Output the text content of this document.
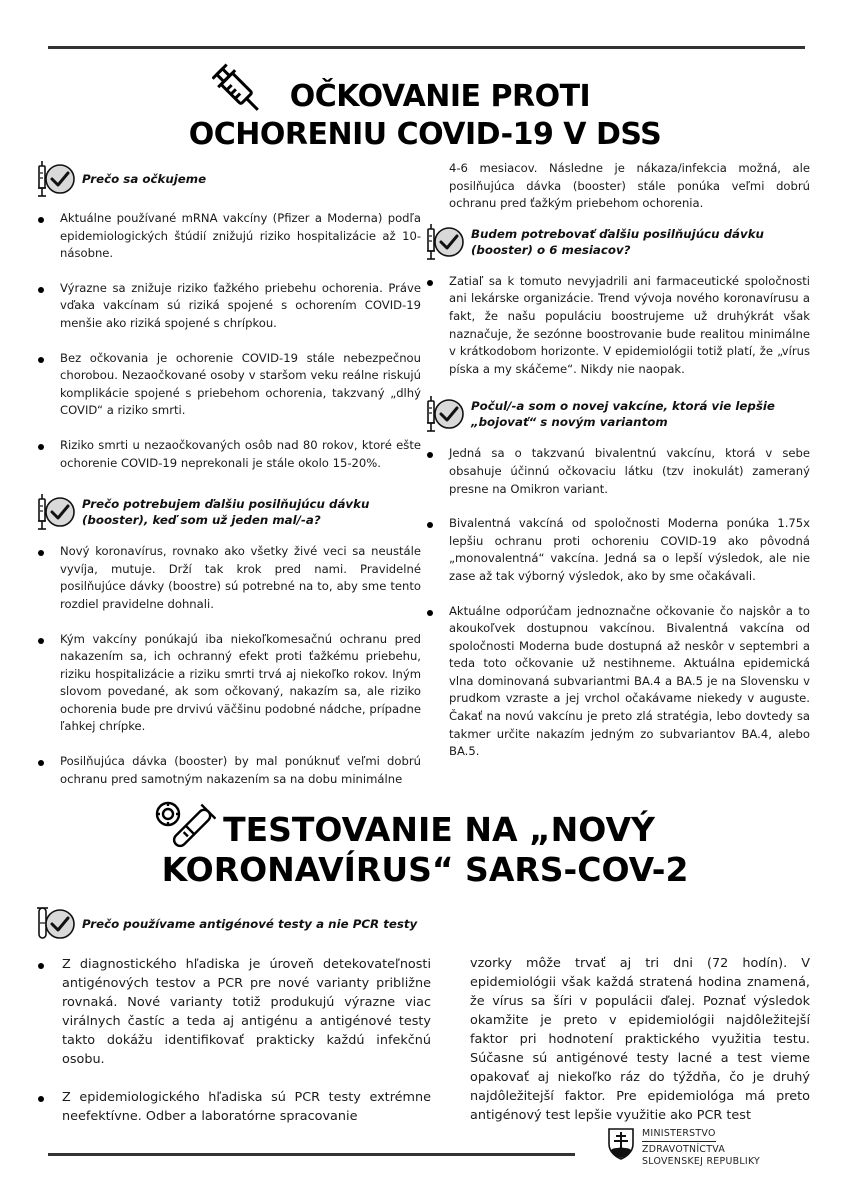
OČKOVANIE PROTI
OCHORENIU COVID-19 V DSS
Prečo sa očkujeme
Aktuálne používané mRNA vakcíny (Pfizer a Moderna) podľa epidemiologických štúdií znižujú riziko hospitalizácie až 10-násobne.
Výrazne sa znižuje riziko ťažkého priebehu ochorenia. Práve vďaka vakcínam sú riziká spojené s ochorením COVID-19 menšie ako riziká spojené s chrípkou.
Bez očkovania je ochorenie COVID-19 stále nebezpečnou chorobou. Nezaočkované osoby v staršom veku reálne riskujú komplikácie spojené s priebehom ochorenia, takzvaný „dlhý COVID“ a riziko smrti.
Riziko smrti u nezaočkovaných osôb nad 80 rokov, ktoré ešte ochorenie COVID-19 neprekonali je stále okolo 15-20%.
Prečo potrebujem ďalšiu posilňujúcu dávku (booster), keď som už jeden mal/-a?
Nový koronavírus, rovnako ako všetky živé veci sa neustále vyvíja, mutuje. Drží tak krok pred nami. Pravidelné posilňujúce dávky (boostre) sú potrebné na to, aby sme tento rozdiel pravidelne dohnali.
Kým vakcíny ponúkajú iba niekoľkomesačnú ochranu pred nakazením sa, ich ochranný efekt proti ťažkému priebehu, riziku hospitalizácie a riziku smrti trvá aj niekoľko rokov. Iným slovom povedané, ak som očkovaný, nakazím sa, ale riziko ochorenia bude pre drvivú väčšinu podobné nádche, prípadne ľahkej chrípke.
Posilňujúca dávka (booster) by mal ponúknuť veľmi dobrú ochranu pred samotným nakazením sa na dobu minimálne
4-6 mesiacov. Následne je nákaza/infekcia možná, ale posilňujúca dávka (booster) stále ponúka veľmi dobrú ochranu pred ťažkým priebehom ochorenia.
Budem potrebovať ďalšiu posilňujúcu dávku (booster) o 6 mesiacov?
Zatiaľ sa k tomuto nevyjadrili ani farmaceutické spoločnosti ani lekárske organizácie. Trend vývoja nového koronavírusu a fakt, že našu populáciu boostrujeme už druhýkrát však naznačuje, že sezónne boostrovanie bude realitou minimálne v krátkodobom horizonte. V epidemiológii totiž platí, že „vírus píska a my skáčeme“. Nikdy nie naopak.
Počul/-a som o novej vakcíne, ktorá vie lepšie „bojovať“ s novým variantom
Jedná sa o takzvanú bivalentnú vakcínu, ktorá v sebe obsahuje účinnú očkovaciu látku (tzv inokulát) zameraný presne na Omikron variant.
Bivalentná vakcíná od spoločnosti Moderna ponúka 1.75x lepšiu ochranu proti ochoreniu COVID-19 ako pôvodná „monovalentná“ vakcína. Jedná sa o lepší výsledok, ale nie zase až tak výborný výsledok, ako by sme očakávali.
Aktuálne odporúčam jednoznačne očkovanie čo najskôr a to akoukoľvek dostupnou vakcínou. Bivalentná vakcína od spoločnosti Moderna bude dostupná až neskôr v septembri a teda toto očkovanie už nestihneme. Aktuálna epidemická vlna dominovaná subvariantmi BA.4 a BA.5 je na Slovensku v prudkom vzraste a jej vrchol očakávame niekedy v auguste. Čakať na novú vakcínu je preto zlá stratégia, lebo dovtedy sa takmer určite nakazím jedným zo subvariantov BA.4, alebo BA.5.
TESTOVANIE NA „NOVÝ
KORONAVÍRUS“ SARS-COV-2
Prečo používame antigénové testy a nie PCR testy
Z diagnostického hľadiska je úroveň detekovateľnosti antigénových testov a PCR pre nové varianty približne rovnaká. Nové varianty totiž produkujú výrazne viac virálnych častíc a teda aj antigénu a antigénové testy takto dokážu identifikovať prakticky každú infekčnú osobu.
Z epidemiologického hľadiska sú PCR testy extrémne neefektívne. Odber a laboratórne spracovanie
vzorky môže trvať aj tri dni (72 hodín). V epidemiológii však každá stratená hodina znamená, že vírus sa šíri v populácii ďalej. Poznať výsledok okamžite je preto v epidemiológii najdôležitejší faktor pri hodnotení praktického využitia testu. Súčasne sú antigénové testy lacné a test vieme opakovať aj niekoľko ráz do týždňa, čo je druhý najdôležitejší faktor. Pre epidemiológa má preto antigénový test lepšie využitie ako PCR test
MINISTERSTVO
ZDRAVOTNÍCTVA
SLOVENSKEJ REPUBLIKY
